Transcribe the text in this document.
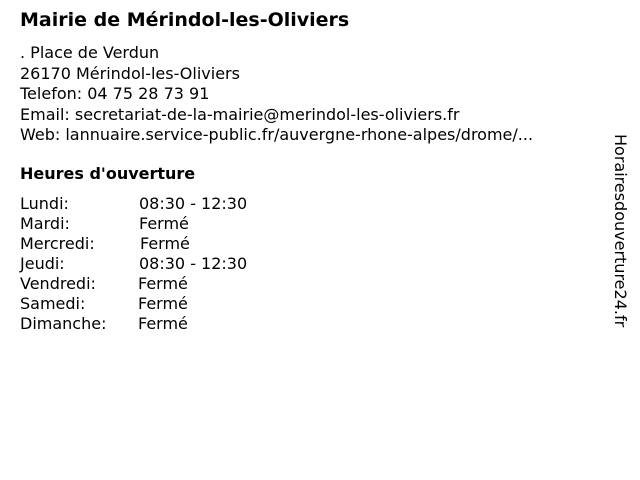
Mairie de Mérindol-les-Oliviers
. Place de Verdun
26170 Mérindol-les-Oliviers
Telefon: 04 75 28 73 91
Email: secretariat-de-la-mairie@merindol-les-oliviers.fr
Web: lannuaire.service-public.fr/auvergne-rhone-alpes/drome/...
Heures d'ouverture
Lundi:	08:30 - 12:30
Mardi:	Fermé
Mercredi:	Fermé
Jeudi:	08:30 - 12:30
Vendredi:	Fermé
Samedi:	Fermé
Dimanche: Fermé	Horairesdouverture24.fr
